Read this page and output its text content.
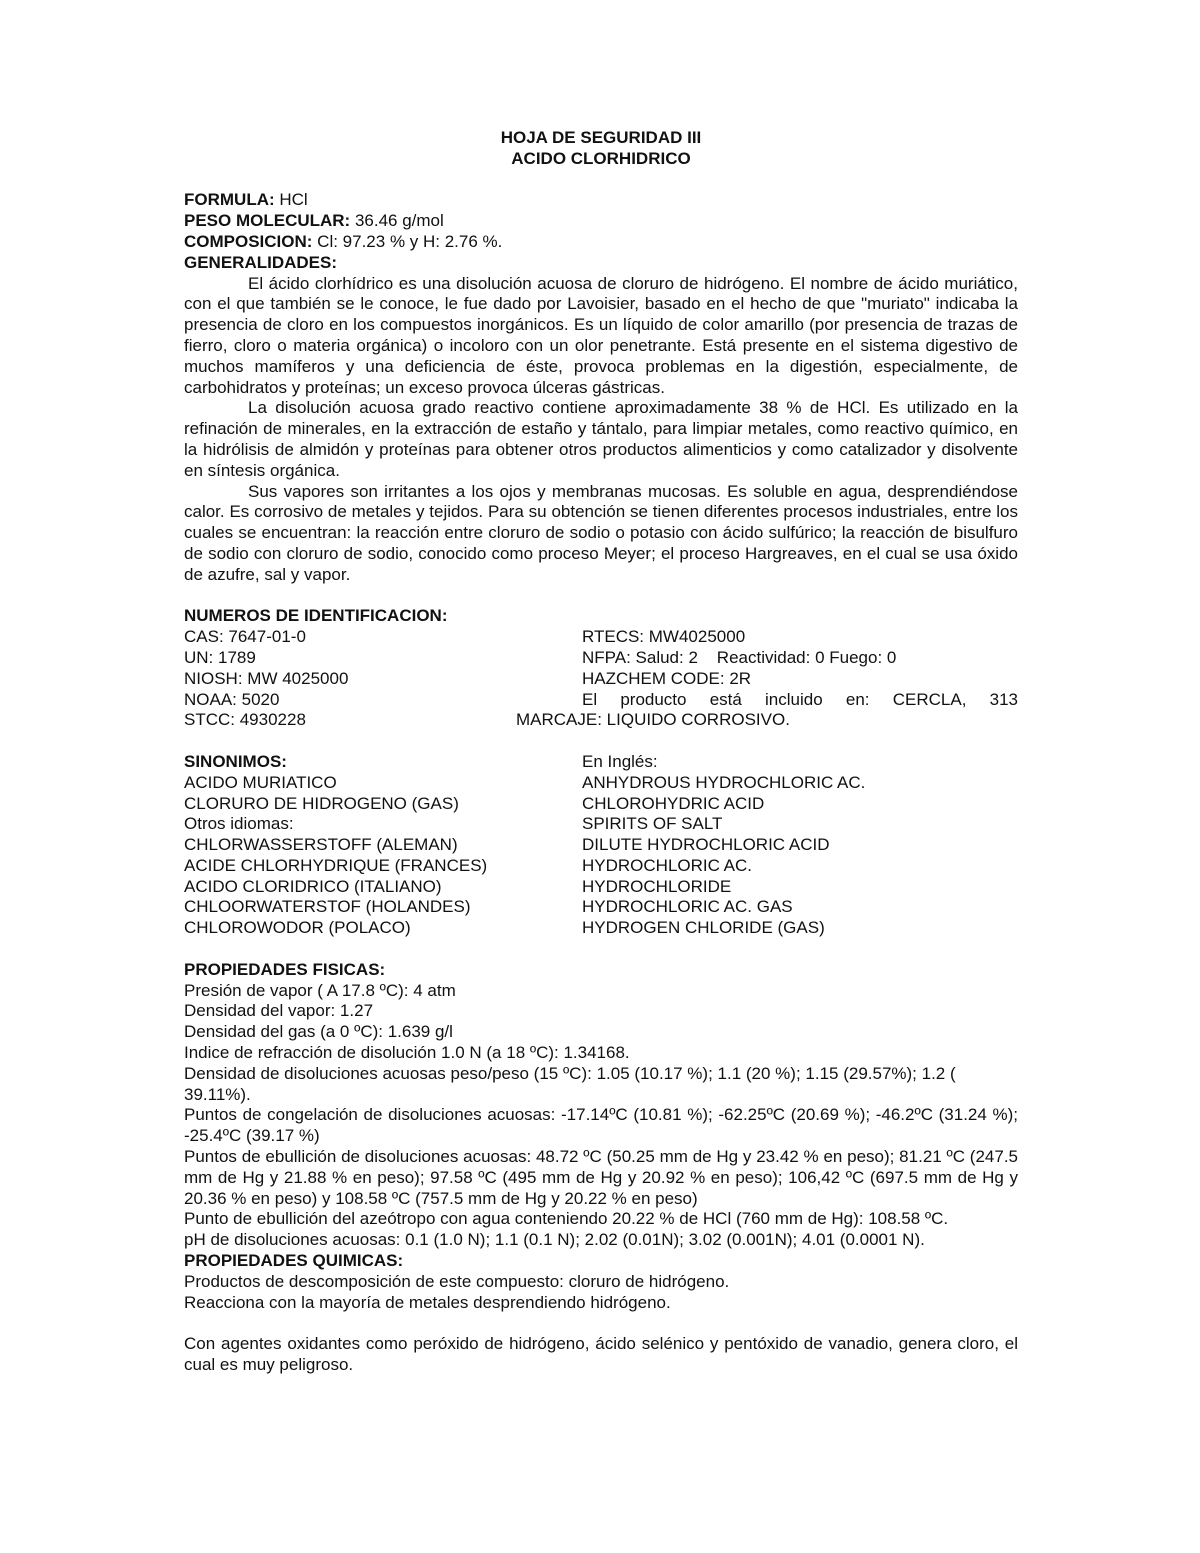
HOJA DE SEGURIDAD III
ACIDO CLORHIDRICO
FORMULA: HCl
PESO MOLECULAR: 36.46 g/mol
COMPOSICION: Cl: 97.23 % y H: 2.76 %.
GENERALIDADES:

El ácido clorhídrico es una disolución acuosa de cloruro de hidrógeno. El nombre de ácido muriático, con el que también se le conoce, le fue dado por Lavoisier, basado en el hecho de que "muriato" indicaba la presencia de cloro en los compuestos inorgánicos. Es un líquido de color amarillo (por presencia de trazas de fierro, cloro o materia orgánica) o incoloro con un olor penetrante. Está presente en el sistema digestivo de muchos mamíferos y una deficiencia de éste, provoca problemas en la digestión, especialmente, de carbohidratos y proteínas; un exceso provoca úlceras gástricas.

La disolución acuosa grado reactivo contiene aproximadamente 38 % de HCl. Es utilizado en la refinación de minerales, en la extracción de estaño y tántalo, para limpiar metales, como reactivo químico, en la hidrólisis de almidón y proteínas para obtener otros productos alimenticios y como catalizador y disolvente en síntesis orgánica.

Sus vapores son irritantes a los ojos y membranas mucosas. Es soluble en agua, desprendiéndose calor. Es corrosivo de metales y tejidos. Para su obtención se tienen diferentes procesos industriales, entre los cuales se encuentran: la reacción entre cloruro de sodio o potasio con ácido sulfúrico; la reacción de bisulfuro de sodio con cloruro de sodio, conocido como proceso Meyer; el proceso Hargreaves, en el cual se usa óxido de azufre, sal y vapor.

NUMEROS DE IDENTIFICACION:
CAS: 7647-01-0
UN: 1789
NIOSH: MW 4025000
NOAA: 5020
RTECS: MW4025000
NFPA: Salud: 2    Reactividad: 0 Fuego: 0
HAZCHEM CODE: 2R
El producto está incluido en: CERCLA, 313
STCC: 4930228	MARCAJE: LIQUIDO CORROSIVO.
SINONIMOS:
ACIDO MURIATICO
CLORURO DE HIDROGENO (GAS)
Otros idiomas:
CHLORWASSERSTOFF (ALEMAN)
ACIDE CHLORHYDRIQUE (FRANCES)
ACIDO CLORIDRICO (ITALIANO)
CHLOORWATERSTOF (HOLANDES)
CHLOROWODOR (POLACO)
En Inglés:
ANHYDROUS HYDROCHLORIC AC.
CHLOROHYDRIC ACID
SPIRITS OF SALT
DILUTE HYDROCHLORIC ACID
HYDROCHLORIC AC.
HYDROCHLORIDE
HYDROCHLORIC AC. GAS
HYDROGEN CHLORIDE (GAS)
PROPIEDADES FISICAS:

Presión de vapor ( A 17.8 ºC): 4 atm

Densidad del vapor: 1.27

Densidad del gas (a 0 ºC): 1.639 g/l

Indice de refracción de disolución 1.0 N (a 18 ºC): 1.34168.

Densidad de disoluciones acuosas peso/peso (15 ºC): 1.05 (10.17 %); 1.1 (20 %); 1.15 (29.57%); 1.2 ( 39.11%).

Puntos de congelación de disoluciones acuosas: -17.14ºC (10.81 %); -62.25ºC (20.69 %); -46.2ºC (31.24 %); -25.4ºC (39.17 %)

Puntos de ebullición de disoluciones acuosas: 48.72 ºC (50.25 mm de Hg y 23.42 % en peso); 81.21 ºC (247.5 mm de Hg y 21.88 % en peso); 97.58 ºC (495 mm de Hg y 20.92 % en peso); 106,42 ºC (697.5 mm de Hg y 20.36 % en peso) y 108.58 ºC (757.5 mm de Hg y 20.22 % en peso)

Punto de ebullición del azeótropo con agua conteniendo 20.22 % de HCl (760 mm de Hg): 108.58 ºC.

pH de disoluciones acuosas: 0.1 (1.0 N); 1.1 (0.1 N); 2.02 (0.01N); 3.02 (0.001N); 4.01 (0.0001 N).

PROPIEDADES QUIMICAS:

Productos de descomposición de este compuesto: cloruro de hidrógeno.

Reacciona con la mayoría de metales desprendiendo hidrógeno.

Con agentes oxidantes como peróxido de hidrógeno, ácido selénico y pentóxido de vanadio, genera cloro, el cual es muy peligroso.
